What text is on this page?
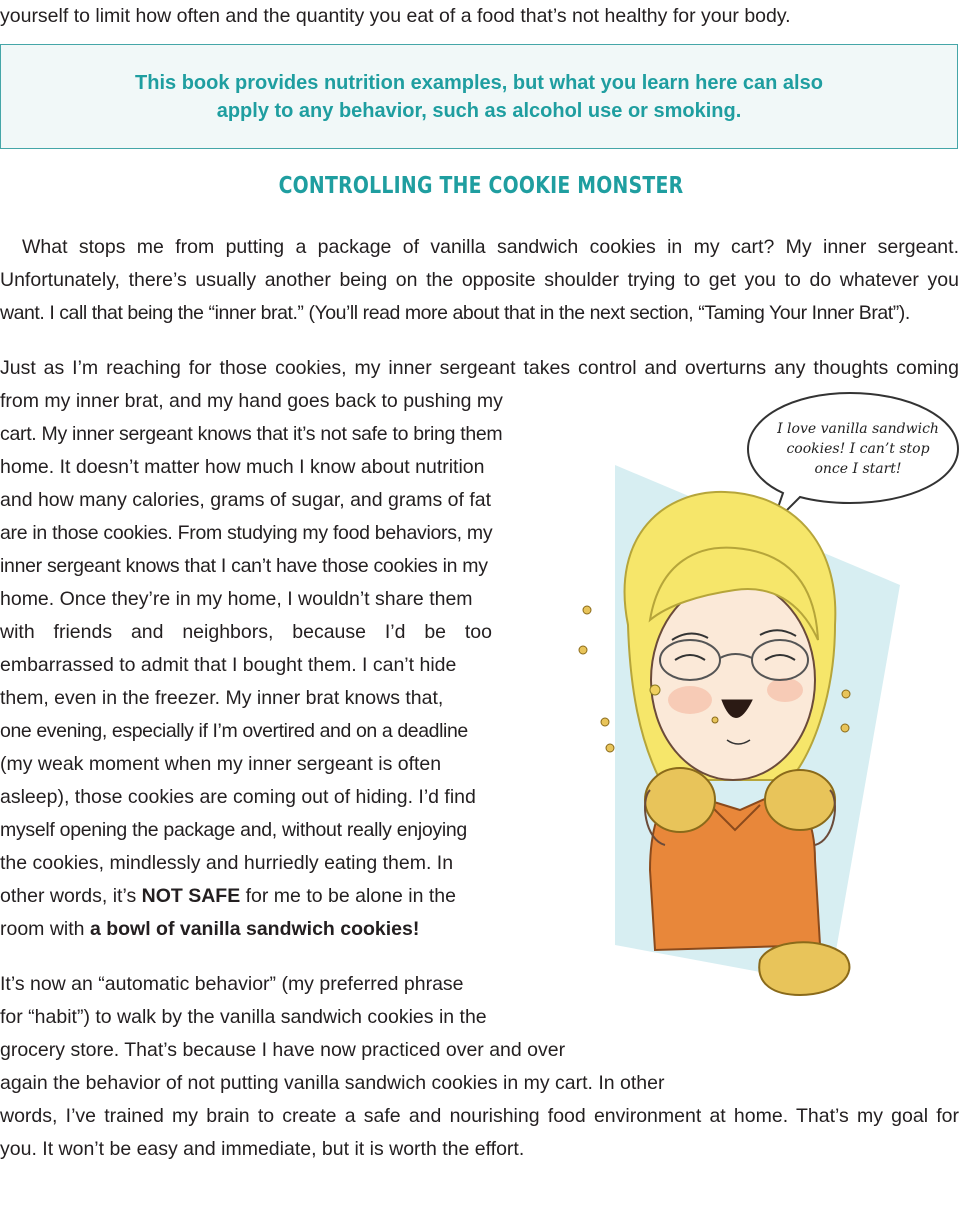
yourself to limit how often and the quantity you eat of a food that’s not healthy for your body.
This book provides nutrition examples, but what you learn here can also
apply to any behavior, such as alcohol use or smoking.
CONTROLLING THE COOKIE MONSTER
What stops me from putting a package of vanilla sandwich cookies in my cart? My inner sergeant.
Unfortunately, there’s usually another being on the opposite shoulder trying to get you to do whatever you
want. I call that being the “inner brat.” (You’ll read more about that in the next section, “Taming Your Inner Brat”).
Just as I’m reaching for those cookies, my inner sergeant takes control and overturns any thoughts coming
from my inner brat, and my hand goes back to pushing my
cart. My inner sergeant knows that it’s not safe to bring them
home. It doesn’t matter how much I know about nutrition
and how many calories, grams of sugar, and grams of fat
are in those cookies. From studying my food behaviors, my
inner sergeant knows that I can’t have those cookies in my
home. Once they’re in my home, I wouldn’t share them
with friends and neighbors, because I’d be too
embarrassed to admit that I bought them. I can’t hide
them, even in the freezer. My inner brat knows that,
one evening, especially if I’m overtired and on a deadline
(my weak moment when my inner sergeant is often
asleep), those cookies are coming out of hiding. I’d find
myself opening the package and, without really enjoying
the cookies, mindlessly and hurriedly eating them. In
other words, it’s NOT SAFE for me to be alone in the
room with a bowl of vanilla sandwich cookies!
It’s now an “automatic behavior” (my preferred phrase
for “habit”) to walk by the vanilla sandwich cookies in the
grocery store. That’s because I have now practiced over and over
again the behavior of not putting vanilla sandwich cookies in my cart. In other
words, I’ve trained my brain to create a safe and nourishing food environment at home. That’s my goal for
you. It won’t be easy and immediate, but it is worth the effort.
I love vanilla sandwich
cookies! I can’t stop
once I start!
